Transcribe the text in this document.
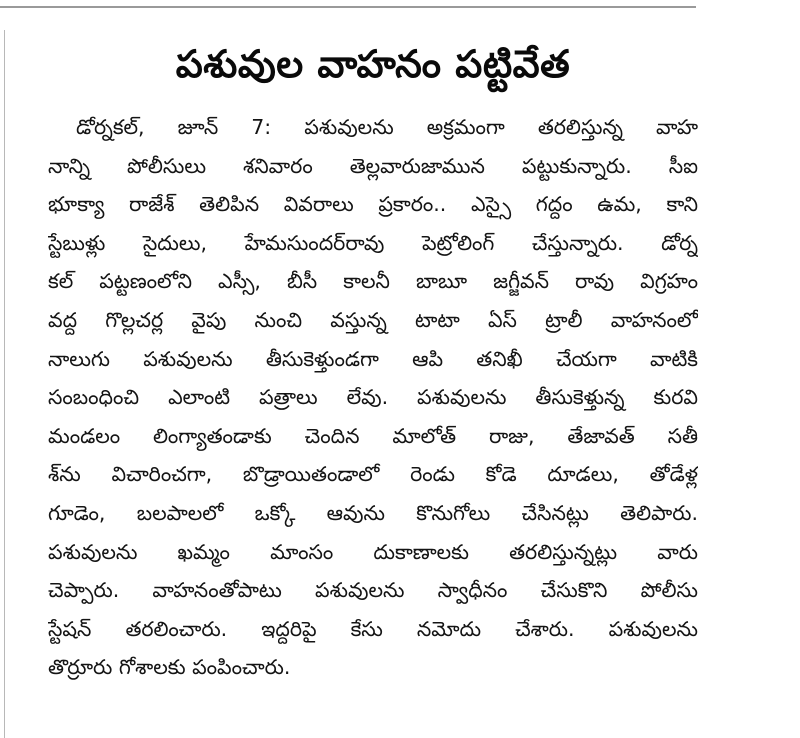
పశువుల వాహనం పట్టివేత
డోర్నకల్, జూన్ 7: పశువులను అక్రమంగా తరలిస్తున్న వాహ
నాన్ని పోలీసులు శనివారం తెల్లవారుజామున పట్టుకున్నారు. సీఐ
భూక్యా రాజేశ్ తెలిపిన వివరాలు ప్రకారం.. ఎస్సై గద్దం ఉమ, కాని
స్టేబుళ్లు సైదులు, హేమసుందర్‌రావు పెట్రోలింగ్ చేస్తున్నారు. డోర్న
కల్ పట్టణంలోని ఎస్సీ, బీసీ కాలనీ బాబూ జగ్జీవన్ రావు విగ్రహం
వద్ద గొల్లచర్ల వైపు నుంచి వస్తున్న టాటా ఏస్ ట్రాలీ వాహనంలో
నాలుగు పశువులను తీసుకెళ్తుండగా ఆపి తనిఖీ చేయగా వాటికి
సంబంధించి ఎలాంటి పత్రాలు లేవు. పశువులను తీసుకెళ్తున్న కురవి
మండలం లింగ్యాతండాకు చెందిన మాలోత్ రాజు, తేజావత్ సతీ
శ్‌ను విచారించగా, బొడ్రాయితండాలో రెండు కోడె దూడలు, తోడేళ్ల
గూడెం, బలపాలలో ఒక్కో ఆవును కొనుగోలు చేసినట్లు తెలిపారు.
పశువులను ఖమ్మం మాంసం దుకాణాలకు తరలిస్తున్నట్లు వారు
చెప్పారు. వాహనంతోపాటు పశువులను స్వాధీనం చేసుకొని పోలీసు
స్టేషన్ తరలించారు. ఇద్దరిపై కేసు నమోదు చేశారు. పశువులను
తొర్రూరు గోశాలకు పంపించారు.
